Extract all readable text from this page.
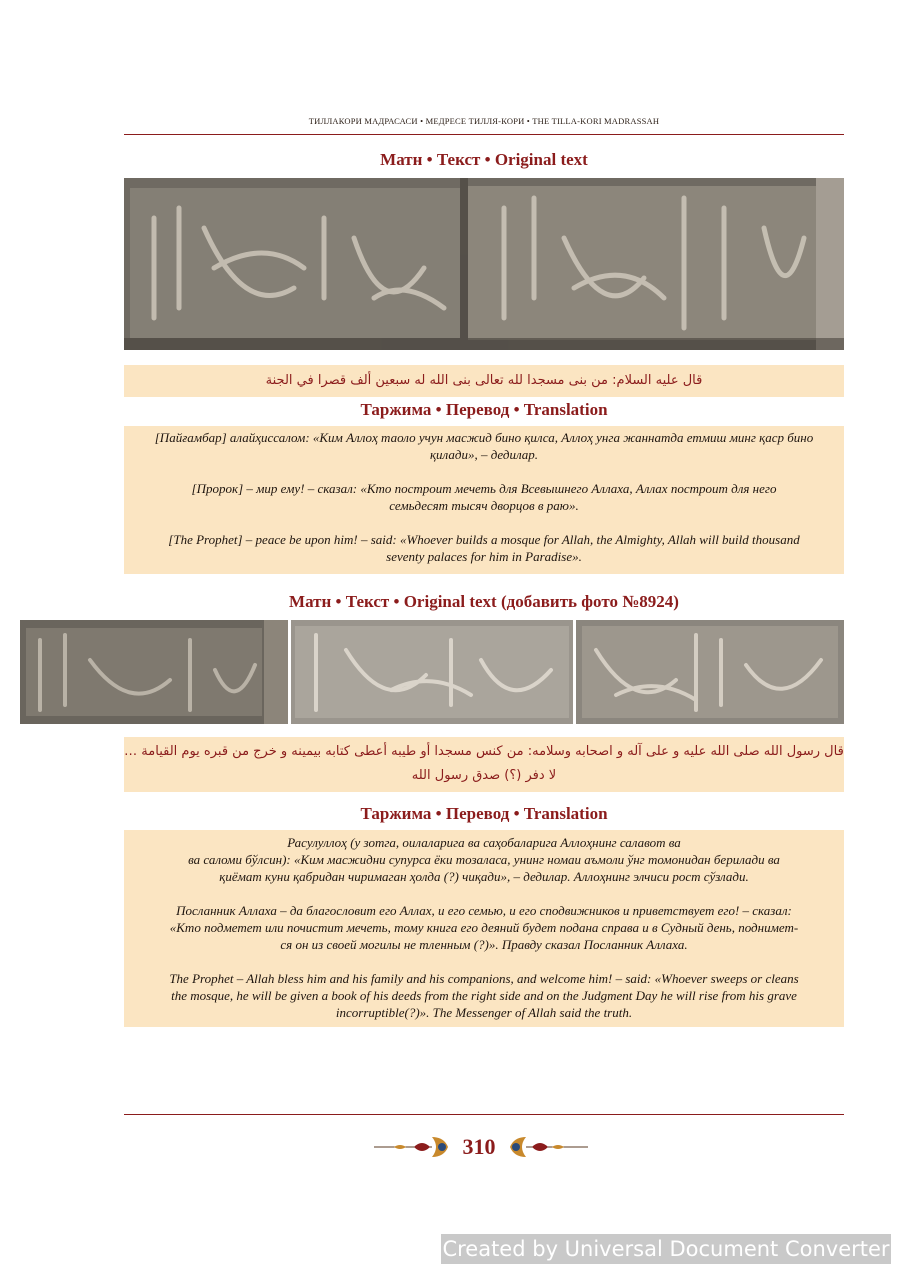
ТИЛЛАКОРИ МАДРАСАСИ • МЕДРЕСЕ ТИЛЛЯ-КОРИ • THE TILLA-KORI MADRASSAH
Матн • Текст • Original text
قال عليه السلام: من بنى مسجدا لله تعالى بنى الله له سبعين ألف قصرا في الجنة
Таржима • Перевод • Translation

[Пайғамбар] алайҳиссалом: «Ким Аллоҳ таоло учун масжид бино қилса, Аллоҳ унга жаннатда етмиш минг қаср бино
қилади», – дедилар.

[Пророк] – мир ему! – сказал: «Кто построит мечеть для Всевышнего Аллаха, Аллах построит для него
семьдесят тысяч дворцов в раю».

[The Prophet] – peace be upon him! – said: «Whoever builds a mosque for Allah, the Almighty, Allah will build thousand
seventy palaces for him in Paradise».

Матн • Текст • Original text (добавить фото №8924)
قال رسول الله صلى الله عليه و على آله و اصحابه وسلامه: من كنس مسجدا أو طيبه أعطى كتابه بيمينه و خرج من قبره يوم القيامة …
لا دفر (؟) صدق رسول الله
Таржима • Перевод • Translation

Расулуллоҳ (у зотга, оилаларига ва саҳобаларига Аллоҳнинг салавот ва
ва саломи бўлсин): «Ким масжидни супурса ёки тозаласа, унинг номаи аъмоли ўнг томонидан берилади ва
қиёмат куни қабридан чиримаган ҳолда (?) чиқади», – дедилар. Аллоҳнинг элчиси рост сўзлади.

Посланник Аллаха – да благословит его Аллах, и его семью, и его сподвижников и приветствует его! – сказал:
«Кто подметет или почистит мечеть, тому книга его деяний будет подана справа и в Судный день, поднимет-
ся он из своей могилы не тленным (?)». Правду сказал Посланник Аллаха.

The Prophet – Allah bless him and his family and his companions, and welcome him! – said: «Whoever sweeps or cleans
the mosque, he will be given a book of his deeds from the right side and on the Judgment Day he will rise from his grave
incorruptible(?)». The Messenger of Allah said the truth.

310
Created by Universal Document Converter
